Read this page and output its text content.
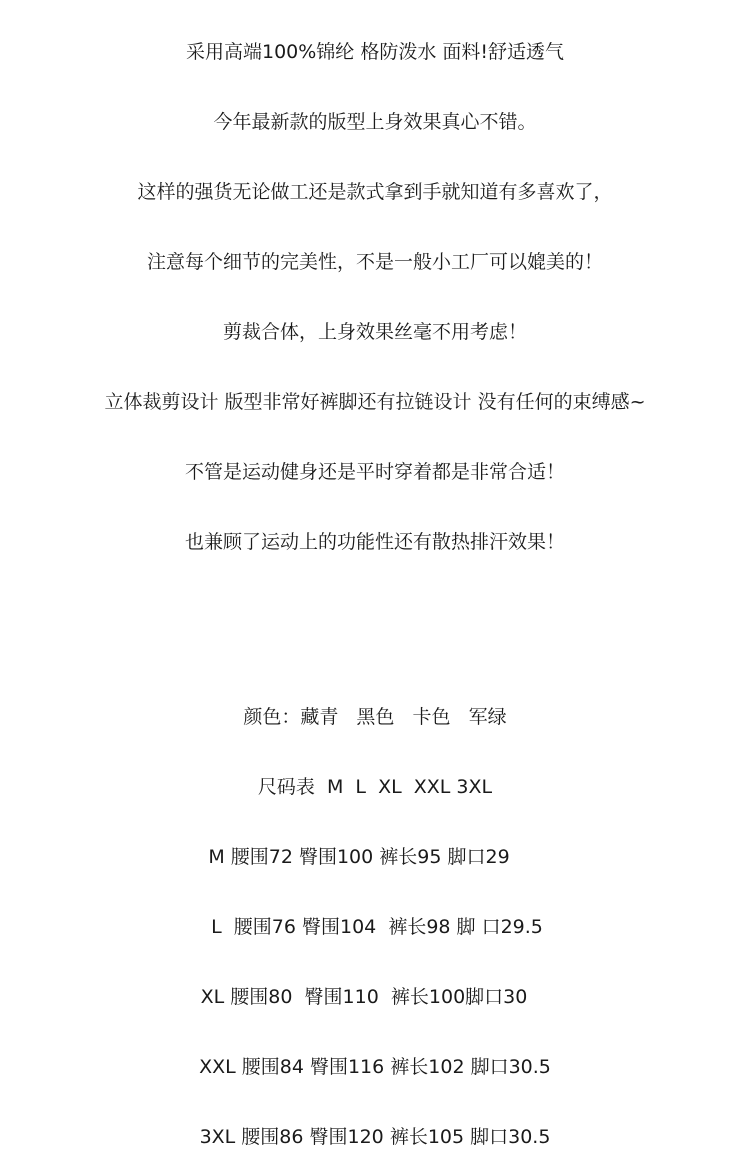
采用高端100%锦纶 格防泼水 面料!舒适透气
今年最新款的版型上身效果真心不错。
这样的强货无论做工还是款式拿到手就知道有多喜欢了，
注意每个细节的完美性，不是一般小工厂可以媲美的！
剪裁合体，上身效果丝毫不用考虑！
立体裁剪设计 版型非常好裤脚还有拉链设计 没有任何的束缚感~
不管是运动健身还是平时穿着都是非常合适！
也兼顾了运动上的功能性还有散热排汗效果！
颜色：藏青   黑色   卡色   军绿
尺码表  M  L  XL  XXL 3XL
M 腰围72 臀围100 裤长95 脚口29
L  腰围76 臀围104  裤长98 脚 口29.5
XL 腰围80  臀围110  裤长100脚口30
XXL 腰围84 臀围116 裤长102 脚口30.5
3XL 腰围86 臀围120 裤长105 脚口30.5
